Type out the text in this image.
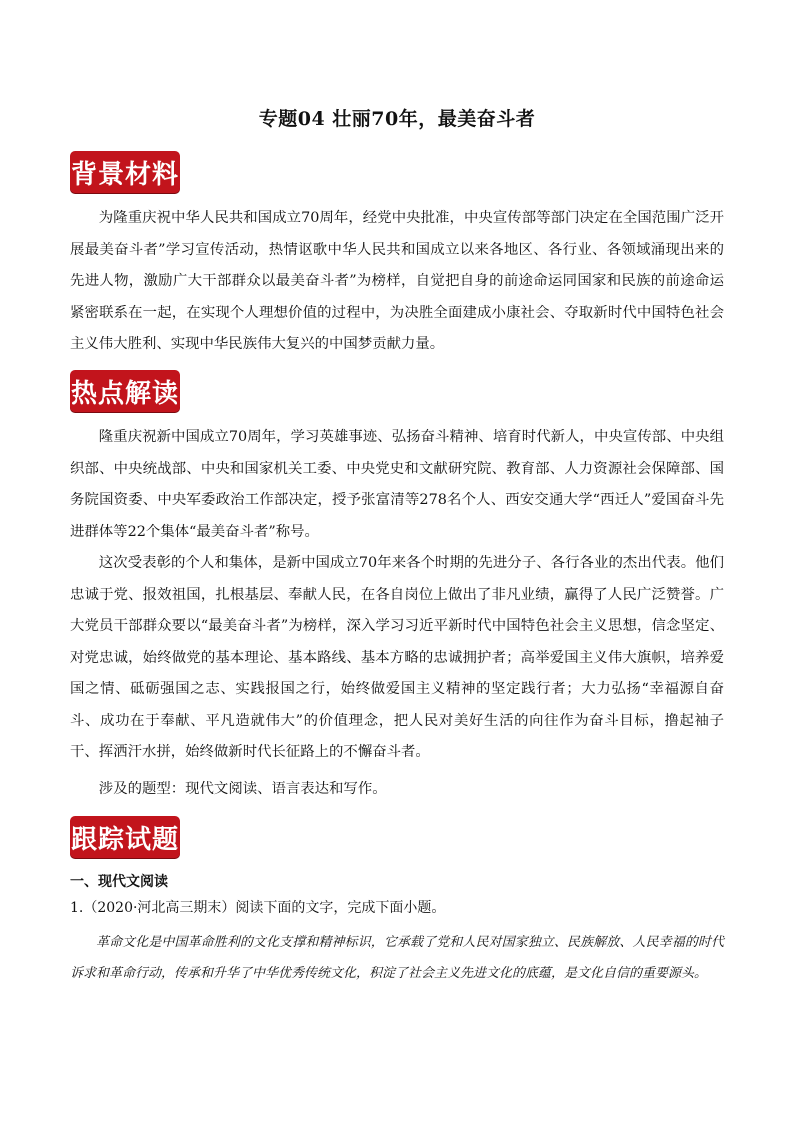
专题04 壮丽70年，最美奋斗者
背景材料

为隆重庆祝中华人民共和国成立70周年，经党中央批准，中央宣传部等部门决定在全国范围广泛开展最美奋斗者”学习宣传活动，热情讴歌中华人民共和国成立以来各地区、各行业、各领域涌现出来的先进人物，激励广大干部群众以最美奋斗者”为榜样，自觉把自身的前途命运同国家和民族的前途命运紧密联系在一起，在实现个人理想价值的过程中，为决胜全面建成小康社会、夺取新时代中国特色社会主义伟大胜利、实现中华民族伟大复兴的中国梦贡献力量。

热点解读

隆重庆祝新中国成立70周年，学习英雄事迹、弘扬奋斗精神、培育时代新人，中央宣传部、中央组织部、中央统战部、中央和国家机关工委、中央党史和文献研究院、教育部、人力资源社会保障部、国务院国资委、中央军委政治工作部决定，授予张富清等278名个人、西安交通大学“西迁人”爱国奋斗先进群体等22个集体“最美奋斗者”称号。

这次受表彰的个人和集体，是新中国成立70年来各个时期的先进分子、各行各业的杰出代表。他们忠诚于党、报效祖国，扎根基层、奉献人民，在各自岗位上做出了非凡业绩，赢得了人民广泛赞誉。广大党员干部群众要以“最美奋斗者”为榜样，深入学习习近平新时代中国特色社会主义思想，信念坚定、对党忠诚，始终做党的基本理论、基本路线、基本方略的忠诚拥护者；高举爱国主义伟大旗帜，培养爱国之情、砥砺强国之志、实践报国之行，始终做爱国主义精神的坚定践行者；大力弘扬“幸福源自奋斗、成功在于奉献、平凡造就伟大”的价值理念，把人民对美好生活的向往作为奋斗目标，撸起袖子干、挥洒汗水拼，始终做新时代长征路上的不懈奋斗者。

涉及的题型：现代文阅读、语言表达和写作。

跟踪试题
一、现代文阅读
1.（2020·河北高三期末）阅读下面的文字，完成下面小题。

革命文化是中国革命胜利的文化支撑和精神标识，它承载了党和人民对国家独立、民族解放、人民幸福的时代诉求和革命行动，传承和升华了中华优秀传统文化，积淀了社会主义先进文化的底蕴，是文化自信的重要源头。
